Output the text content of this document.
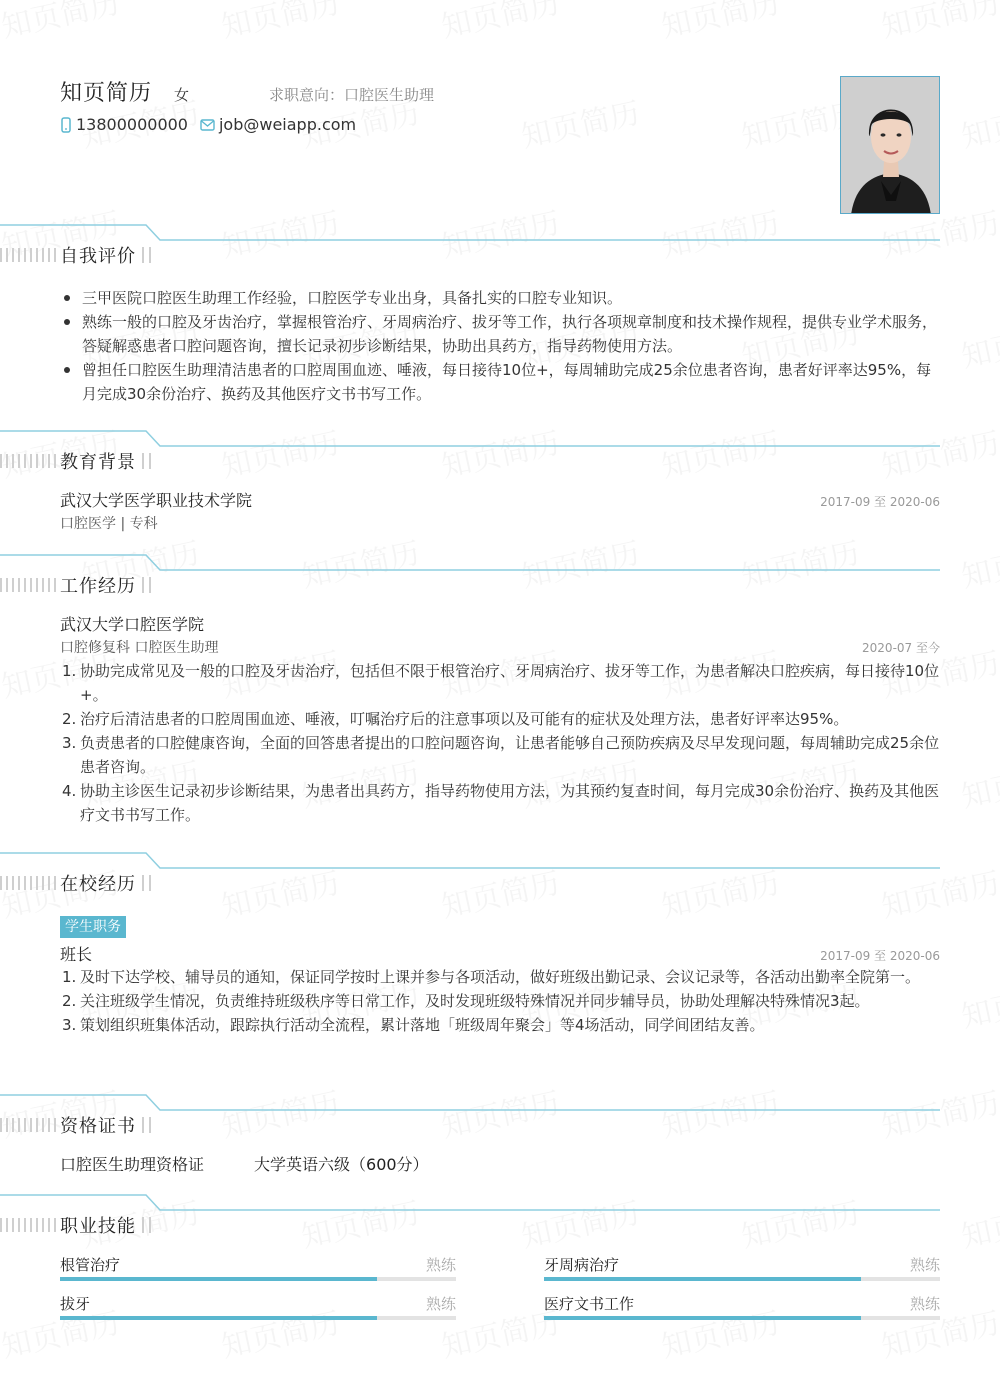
知页简历 女	求职意向：口腔医生助理
13800000000 job@weiapp.com
自我评价
三甲医院口腔医生助理工作经验，口腔医学专业出身，具备扎实的口腔专业知识。
熟练一般的口腔及牙齿治疗，掌握根管治疗、牙周病治疗、拔牙等工作，执行各项规章制度和技术操作规程，提供专业学术服务，答疑解惑患者口腔问题咨询，擅长记录初步诊断结果，协助出具药方，指导药物使用方法。
曾担任口腔医生助理清洁患者的口腔周围血迹、唾液，每日接待10位+，每周辅助完成25余位患者咨询，患者好评率达95%，每月完成30余份治疗、换药及其他医疗文书书写工作。
教育背景
武汉大学医学职业技术学院	2017-09 至 2020-06
口腔医学 | 专科
工作经历
武汉大学口腔医学院
口腔修复科 口腔医生助理	2020-07 至今
1. 协助完成常见及一般的口腔及牙齿治疗，包括但不限于根管治疗、牙周病治疗、拔牙等工作，为患者解决口腔疾病，每日接待10位+。
2. 治疗后清洁患者的口腔周围血迹、唾液，叮嘱治疗后的注意事项以及可能有的症状及处理方法，患者好评率达95%。
3. 负责患者的口腔健康咨询，全面的回答患者提出的口腔问题咨询，让患者能够自己预防疾病及尽早发现问题，每周辅助完成25余位患者咨询。
4. 协助主诊医生记录初步诊断结果，为患者出具药方，指导药物使用方法，为其预约复查时间，每月完成30余份治疗、换药及其他医疗文书书写工作。
在校经历
学生职务
班长	2017-09 至 2020-06
1. 及时下达学校、辅导员的通知，保证同学按时上课并参与各项活动，做好班级出勤记录、会议记录等，各活动出勤率全院第一。
2. 关注班级学生情况，负责维持班级秩序等日常工作，及时发现班级特殊情况并同步辅导员，协助处理解决特殊情况3起。
3. 策划组织班集体活动，跟踪执行活动全流程，累计落地「班级周年聚会」等4场活动，同学间团结友善。
资格证书
口腔医生助理资格证	大学英语六级（600分）
职业技能
根管治疗	熟练	牙周病治疗	熟练
拔牙	熟练	医疗文书工作	熟练
